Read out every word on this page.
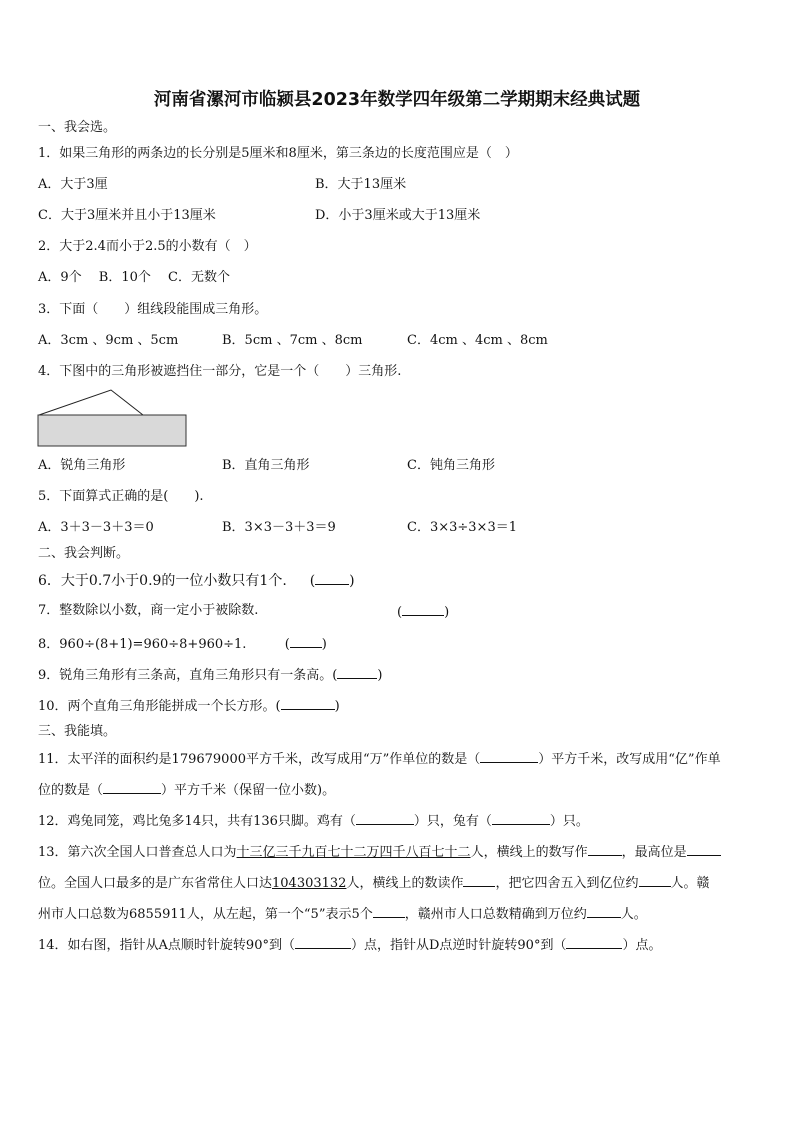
河南省漯河市临颍县2023年数学四年级第二学期期末经典试题
一、我会选。
1．如果三角形的两条边的长分别是5厘米和8厘米，第三条边的长度范围应是（　）
A．大于3厘	B．大于13厘米
C．大于3厘米并且小于13厘米	D．小于3厘米或大于13厘米
2．大于2.4而小于2.5的小数有（　）
A．9个　 B．10个　 C．无数个
3．下面（　　）组线段能围成三角形。
A．3cm 、9cm 、5cm	B．5cm 、7cm 、8cm	C．4cm 、4cm 、8cm
4．下图中的三角形被遮挡住一部分，它是一个（　　）三角形.
A．锐角三角形	B．直角三角形	C．钝角三角形
5．下面算式正确的是(　　).
A．3＋3－3＋3＝0	B．3×3－3＋3＝9	C．3×3÷3×3＝1
二、我会判断。
6．大于0.7小于0.9的一位小数只有1个. ( )
7．整数除以小数，商一定小于被除数.	(	)
8．960÷(8+1)=960÷8+960÷1.	( )
9．锐角三角形有三条高，直角三角形只有一条高。(	)
10．两个直角三角形能拼成一个长方形。(	)
三、我能填。
11．太平洋的面积约是179679000平方千米，改写成用“万”作单位的数是（	）平方千米，改写成用“亿”作单
位的数是（	）平方千米（保留一位小数)。
12．鸡兔同笼，鸡比兔多14只，共有136只脚。鸡有（	）只，兔有（	）只。
13．第六次全国人口普查总人口为十三亿三千九百七十二万四千八百七十二人，横线上的数写作	，最高位是
位。全国人口最多的是广东省常住人口达104303132人，横线上的数读作 ，把它四舍五入到亿位约 人。赣
州市人口总数为6855911人，从左起，第一个“5”表示5个 ，赣州市人口总数精确到万位约	人。
14．如右图，指针从A点顺时针旋转90°到（	）点，指针从D点逆时针旋转90°到（	）点。
